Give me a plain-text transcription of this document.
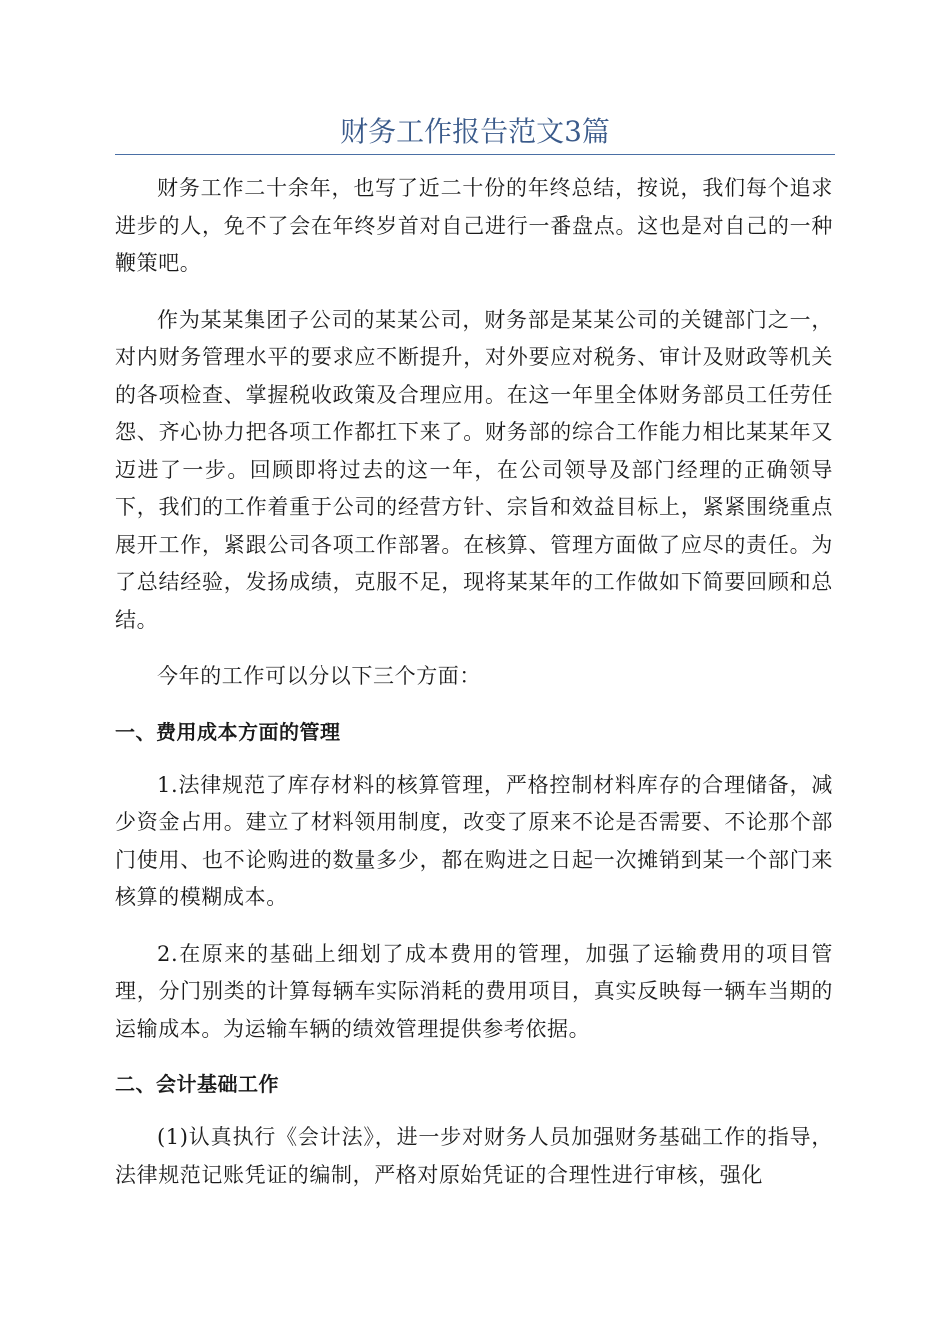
财务工作报告范文3篇

财务工作二十余年，也写了近二十份的年终总结，按说，我们每个追求进步的人，免不了会在年终岁首对自己进行一番盘点。这也是对自己的一种鞭策吧。

作为某某集团子公司的某某公司，财务部是某某公司的关键部门之一，对内财务管理水平的要求应不断提升，对外要应对税务、审计及财政等机关的各项检查、掌握税收政策及合理应用。在这一年里全体财务部员工任劳任怨、齐心协力把各项工作都扛下来了。财务部的综合工作能力相比某某年又迈进了一步。回顾即将过去的这一年，在公司领导及部门经理的正确领导下，我们的工作着重于公司的经营方针、宗旨和效益目标上，紧紧围绕重点展开工作，紧跟公司各项工作部署。在核算、管理方面做了应尽的责任。为了总结经验，发扬成绩，克服不足，现将某某年的工作做如下简要回顾和总结。

今年的工作可以分以下三个方面：

一、费用成本方面的管理

1.法律规范了库存材料的核算管理，严格控制材料库存的合理储备，减少资金占用。建立了材料领用制度，改变了原来不论是否需要、不论那个部门使用、也不论购进的数量多少，都在购进之日起一次摊销到某一个部门来核算的模糊成本。

2.在原来的基础上细划了成本费用的管理，加强了运输费用的项目管理，分门别类的计算每辆车实际消耗的费用项目，真实反映每一辆车当期的运输成本。为运输车辆的绩效管理提供参考依据。

二、会计基础工作

(1)认真执行《会计法》，进一步对财务人员加强财务基础工作的指导，法律规范记账凭证的编制，严格对原始凭证的合理性进行审核，强化
